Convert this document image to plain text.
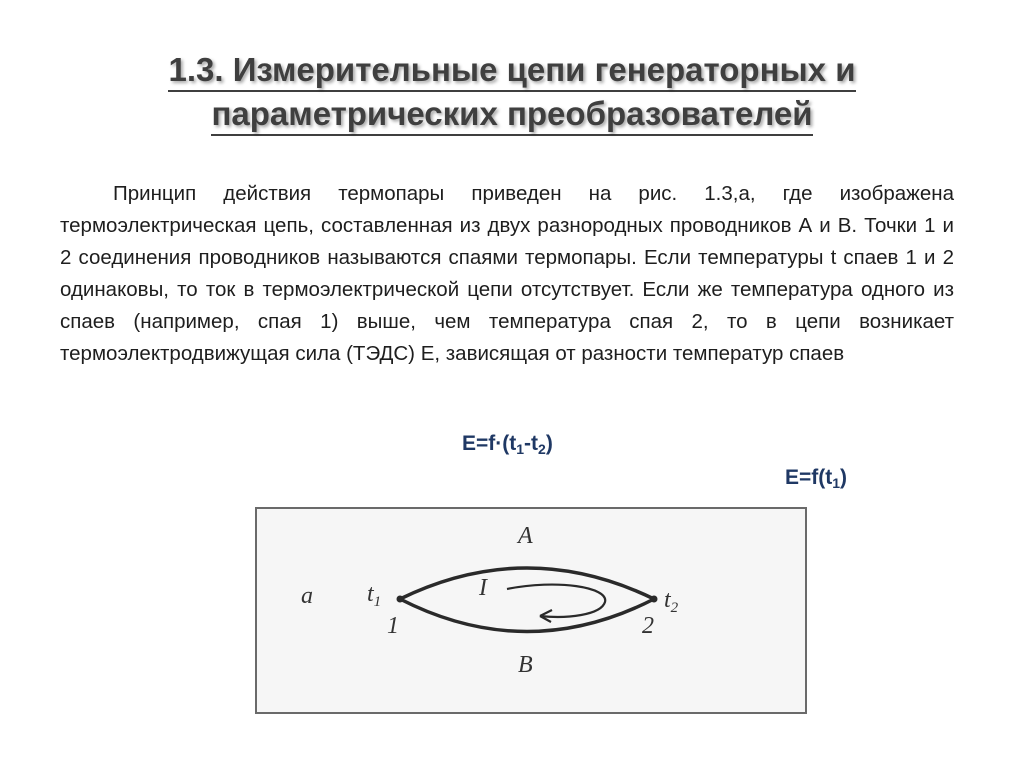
1.3. Измерительные цепи генераторных и
параметрических преобразователей

Принцип действия термопары приведен на рис. 1.3,а, где изображена термоэлектрическая цепь, составленная из двух разнородных проводников А и В. Точки 1 и 2 соединения проводников называются спаями термопары. Если температуры t спаев 1 и 2 одинаковы, то ток в термоэлектрической цепи отсутствует. Если же температура одного из спаев (например, спая 1) выше, чем температура спая 2, то в цепи возникает термоэлектродвижущая сила (ТЭДС) Е, зависящая от разности температур спаев

$E=f\cdot(t_1-t_2)$
$E=f(t_1)$
a
A
B
I
$t_1$	$t_2$
1	2
